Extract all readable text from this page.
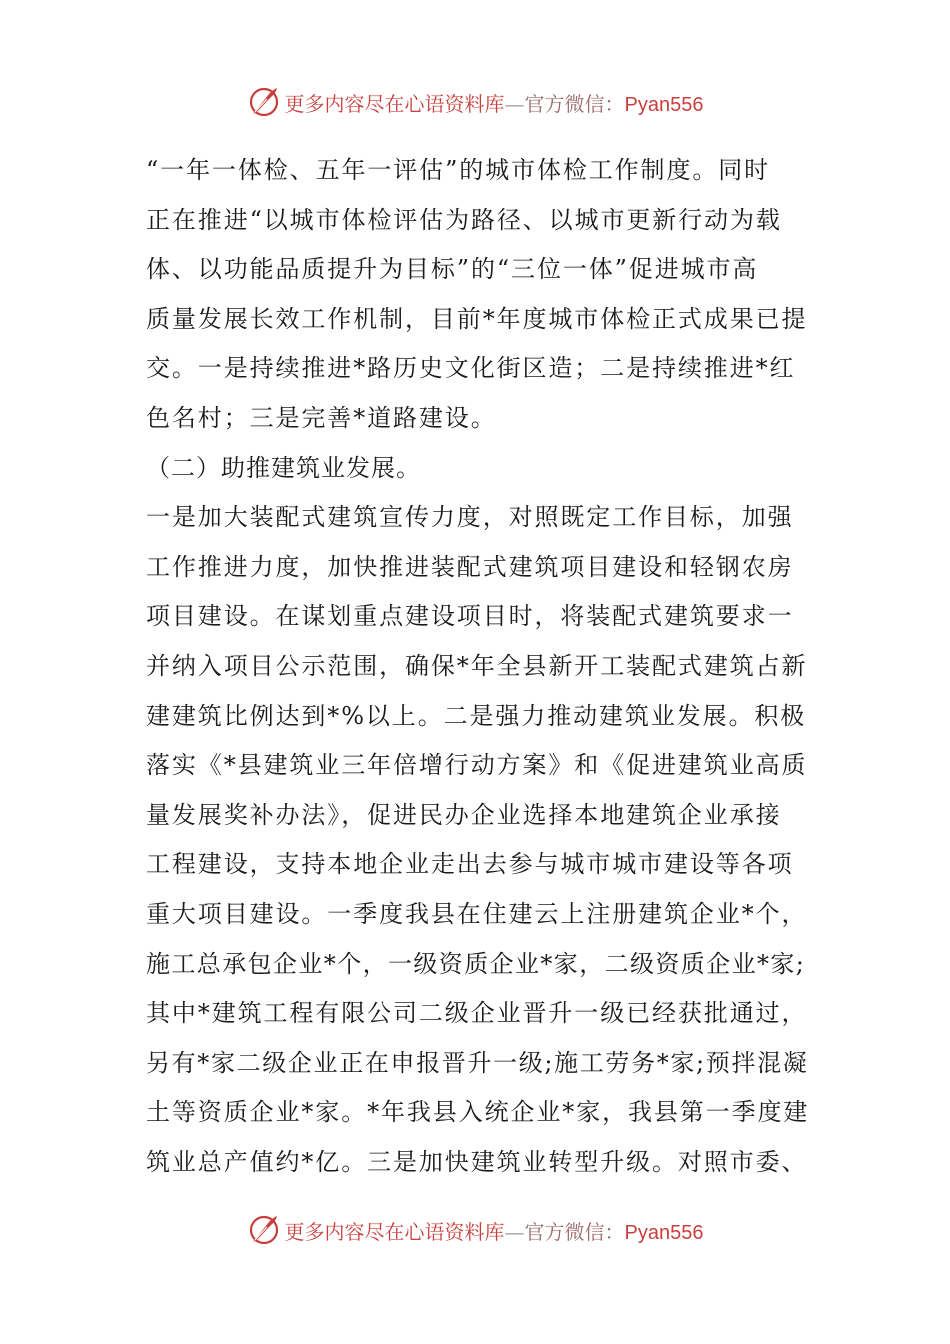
更多内容尽在心语资料库—官方微信：Pyan556
“一年一体检、五年一评估”的城市体检工作制度。同时
正在推进“以城市体检评估为路径、以城市更新行动为载
体、以功能品质提升为目标”的“三位一体”促进城市高
质量发展长效工作机制，目前*年度城市体检正式成果已提
交。一是持续推进*路历史文化街区造；二是持续推进*红
色名村；三是完善*道路建设。
（二）助推建筑业发展。
一是加大装配式建筑宣传力度，对照既定工作目标，加强
工作推进力度，加快推进装配式建筑项目建设和轻钢农房
项目建设。在谋划重点建设项目时，将装配式建筑要求一
并纳入项目公示范围，确保*年全县新开工装配式建筑占新
建建筑比例达到*%以上。二是强力推动建筑业发展。积极
落实《*县建筑业三年倍增行动方案》和《促进建筑业高质
量发展奖补办法》，促进民办企业选择本地建筑企业承接
工程建设，支持本地企业走出去参与城市城市建设等各项
重大项目建设。一季度我县在住建云上注册建筑企业*个，
施工总承包企业*个，一级资质企业*家，二级资质企业*家;
其中*建筑工程有限公司二级企业晋升一级已经获批通过，
另有*家二级企业正在申报晋升一级;施工劳务*家;预拌混凝
土等资质企业*家。*年我县入统企业*家，我县第一季度建
筑业总产值约*亿。三是加快建筑业转型升级。对照市委、
更多内容尽在心语资料库—官方微信：Pyan556
